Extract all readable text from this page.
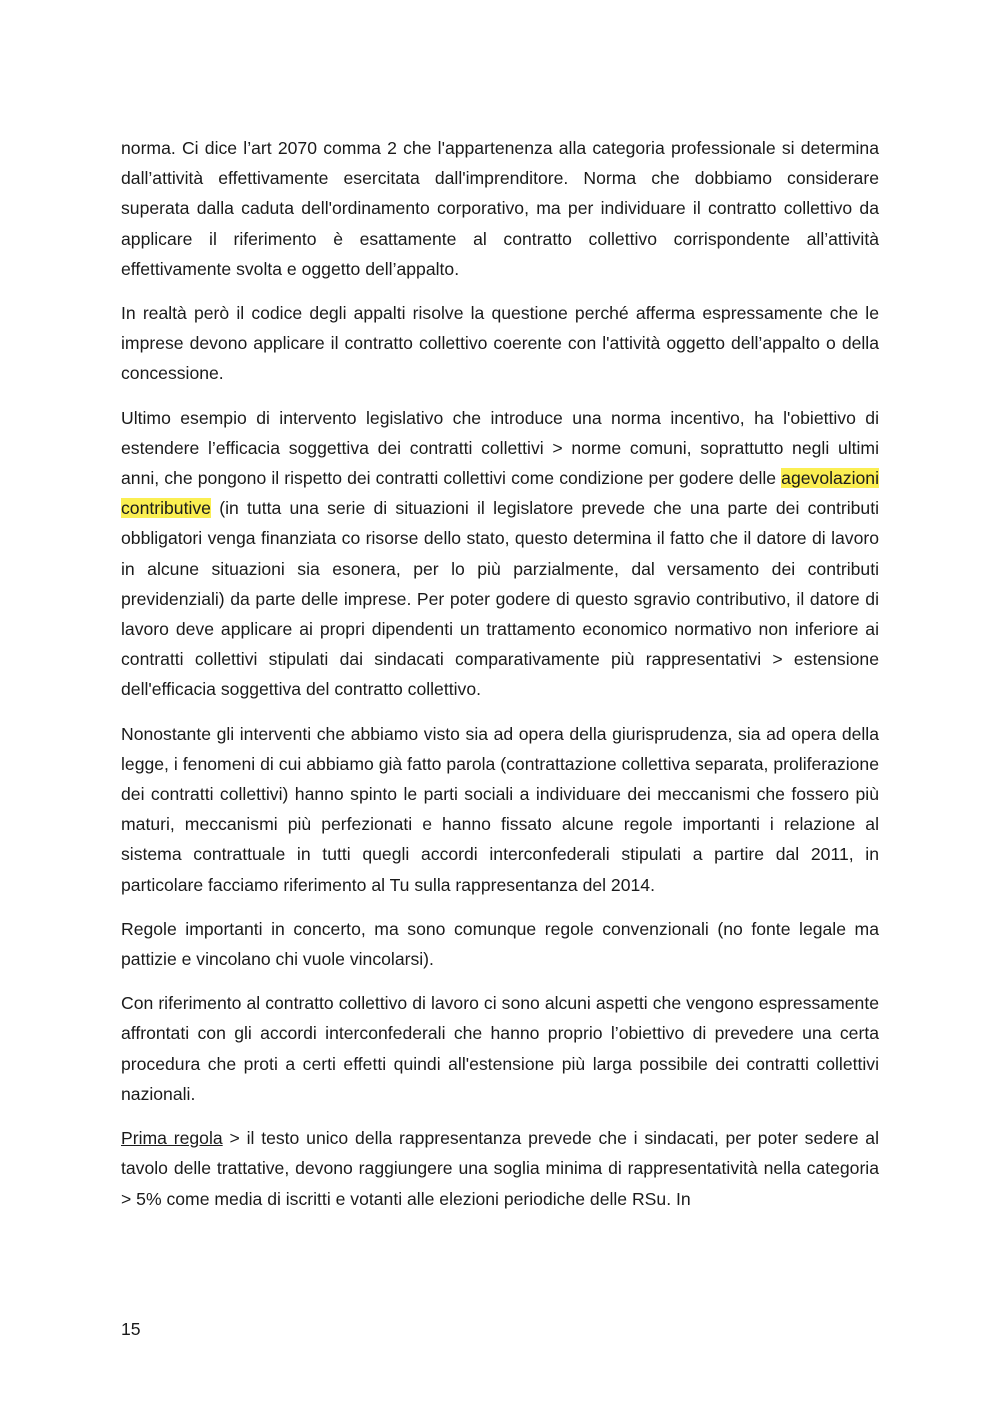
norma. Ci dice l’art 2070 comma 2 che l'appartenenza alla categoria professionale si determina dall’attività effettivamente esercitata dall'imprenditore. Norma che dobbiamo considerare superata dalla caduta dell'ordinamento corporativo, ma per individuare il contratto collettivo da applicare il riferimento è esattamente al contratto collettivo corrispondente all’attività effettivamente svolta e oggetto dell’appalto.

In realtà però il codice degli appalti risolve la questione perché afferma espressamente che le imprese devono applicare il contratto collettivo coerente con l'attività oggetto dell’appalto o della concessione.

Ultimo esempio di intervento legislativo che introduce una norma incentivo, ha l'obiettivo di estendere l’efficacia soggettiva dei contratti collettivi > norme comuni, soprattutto negli ultimi anni, che pongono il rispetto dei contratti collettivi come condizione per godere delle agevolazioni contributive (in tutta una serie di situazioni il legislatore prevede che una parte dei contributi obbligatori venga finanziata co risorse dello stato, questo determina il fatto che il datore di lavoro in alcune situazioni sia esonera, per lo più parzialmente, dal versamento dei contributi previdenziali) da parte delle imprese. Per poter godere di questo sgravio contributivo, il datore di lavoro deve applicare ai propri dipendenti un trattamento economico normativo non inferiore ai contratti collettivi stipulati dai sindacati comparativamente più rappresentativi > estensione dell'efficacia soggettiva del contratto collettivo.

Nonostante gli interventi che abbiamo visto sia ad opera della giurisprudenza, sia ad opera della legge, i fenomeni di cui abbiamo già fatto parola (contrattazione collettiva separata, proliferazione dei contratti collettivi) hanno spinto le parti sociali a individuare dei meccanismi che fossero più maturi, meccanismi più perfezionati e hanno fissato alcune regole importanti i relazione al sistema contrattuale in tutti quegli accordi interconfederali stipulati a partire dal 2011, in particolare facciamo riferimento al Tu sulla rappresentanza del 2014.

Regole importanti in concerto, ma sono comunque regole convenzionali (no fonte legale ma pattizie e vincolano chi vuole vincolarsi).

Con riferimento al contratto collettivo di lavoro ci sono alcuni aspetti che vengono espressamente affrontati con gli accordi interconfederali che hanno proprio l’obiettivo di prevedere una certa procedura che proti a certi effetti quindi all'estensione più larga possibile dei contratti collettivi nazionali.

Prima regola > il testo unico della rappresentanza prevede che i sindacati, per poter sedere al tavolo delle trattative, devono raggiungere una soglia minima di rappresentatività nella categoria > 5% come media di iscritti e votanti alle elezioni periodiche delle RSu. In

15
